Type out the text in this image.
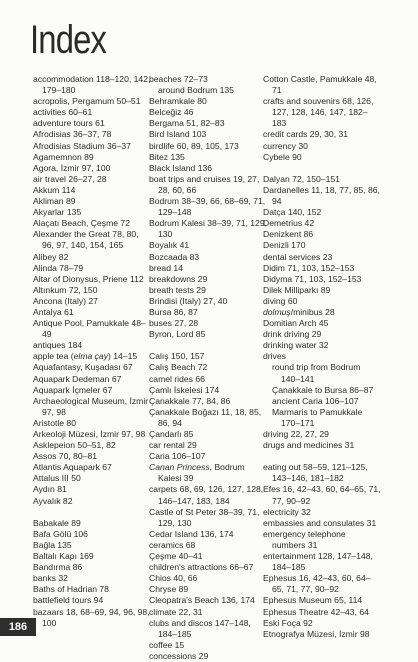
Index

accommodation 118–120, 142, 179–180

acropolis, Pergamum 50–51

activities 60–61

adventure tours 61

Afrodisias 36–37, 78

Afrodisias Stadium 36–37

Agamemnon 89

Agora, İzmir 97, 100

air travel 26–27, 28

Akkum 114

Akliman 89

Akyarlar 135

Alaçatı Beach, Çeşme 72

Alexander the Great 78, 80, 96, 97, 140, 154, 165

Alibey 82

Alinda 78–79

Altar of Dionysus, Priene 112

Altınkum 72, 150

Ancona (Italy) 27

Antalya 61

Antique Pool, Pamukkale 48–49

antiques 184

apple tea (elma çay) 14–15

Aquafantasy, Kuşadası 67

Aquapark Dedeman 67

Aquapark İçmeler 67

Archaeological Museum, İzmir 97, 98

Aristotle 80

Arkeoloji Müzesi, İzmir 97, 98

Asklepeion 50–51, 82

Assos 70, 80–81

Atlantis Aquapark 67

Attalus III 50

Aydın 81

Ayvalık 82

Babakale 89

Bafa Gölü 106

Bağla 135

Baltalı Kapı 169

Bandırma 86

banks 32

Baths of Hadrian 78

battlefield tours 94

bazaars 18, 68–69, 94, 96, 98, 100

beaches 72–73

around Bodrum 135

Behramkale 80

Belceğiz 46

Bergama 51, 82–83

Bird Island 103

birdlife 60, 89, 105, 173

Bitez 135

Black Island 136

boat trips and cruises 19, 27, 28, 60, 66

Bodrum 38–39, 66, 68–69, 71, 129–148

Bodrum Kalesi 38–39, 71, 129, 130

Boyalık 41

Bozcaada 83

bread 14

breakdowns 29

breath tests 29

Brindisi (Italy) 27, 40

Bursa 86, 87

buses 27, 28

Byron, Lord 85

Calış 150, 157

Calış Beach 72

camel rides 66

Çamlı İskelesi 174

Çanakkale 77, 84, 86

Çanakkale Boğazı 11, 18, 85, 86, 94

Çandarlı 85

car rental 29

Caria 106–107

Canan Princess, Bodrum Kalesi 39

carpets 68, 69, 126, 127, 128, 146–147, 183, 184

Castle of St Peter 38–39, 71, 129, 130

Cedar Island 136, 174

ceramics 68

Çeşme 40–41

children's attractions 66–67

Chios 40, 66

Chryse 89

Cleopatra's Beach 136, 174

climate 22, 31

clubs and discos 147–148, 184–185

coffee 15

concessions 29

Cotton Castle, Pamukkale 48, 71

crafts and souvenirs 68, 126, 127, 128, 146, 147, 182–183

credit cards 29, 30, 31

currency 30

Cybele 90

Dalyan 72, 150–151

Dardanelles 11, 18, 77, 85, 86, 94

Datça 140, 152

Demetrius 42

Denizkent 86

Denizli 170

dental services 23

Didim 71, 103, 152–153

Didyma 71, 103, 152–153

Dilek Milliparkı 89

diving 60

dolmuş/minibus 28

Domitian Arch 45

drink driving 29

drinking water 32

drives

round trip from Bodrum 140–141

Çanakkale to Bursa 86–87

ancient Caria 106–107

Marmaris to Pamukkale 170–171

driving 22, 27, 29

drugs and medicines 31

eating out 58–59, 121–125, 143–146, 181–182

Efes 16, 42–43, 60, 64–65, 71, 77, 90–92

electricity 32

embassies and consulates 31

emergency telephone numbers 31

entertainment 128, 147–148, 184–185

Ephesus 16, 42–43, 60, 64–65, 71, 77, 90–92

Ephesus Museum 65, 114

Ephesus Theatre 42–43, 64

Eski Foça 92

Etnografya Müzesi, İzmir 98

186
